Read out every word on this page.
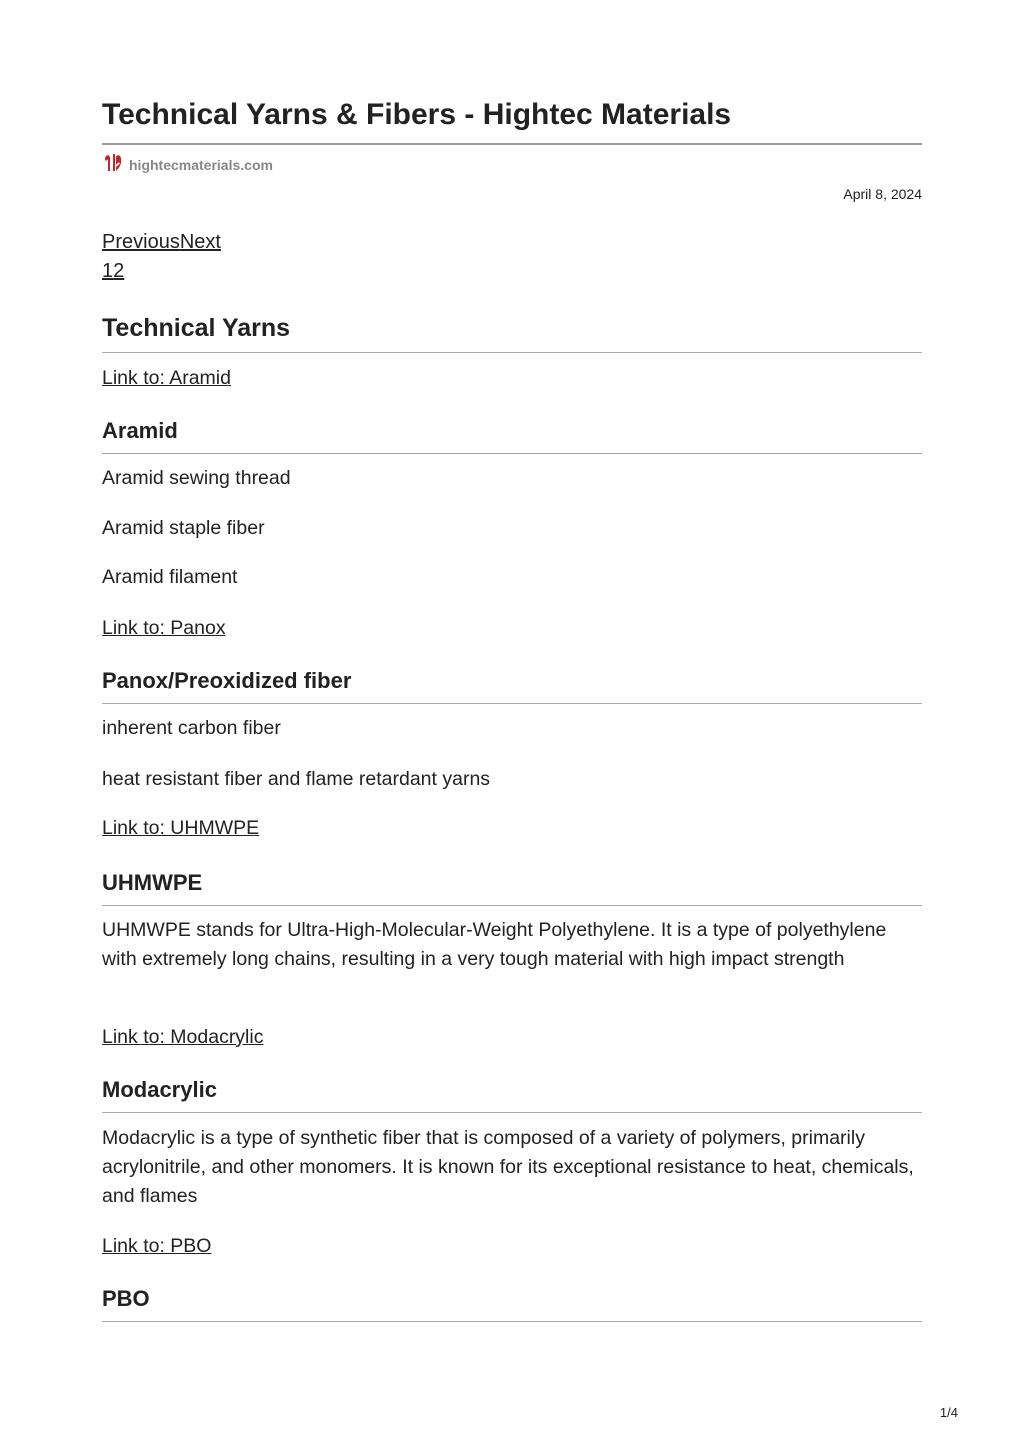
Technical Yarns & Fibers - Hightec Materials
hightecmaterials.com
April 8, 2024
PreviousNext
12
Technical Yarns

Link to: Aramid

Aramid

Aramid sewing thread

Aramid staple fiber

Aramid filament

Link to: Panox

Panox/Preoxidized fiber

inherent carbon fiber

heat resistant fiber and flame retardant yarns

Link to: UHMWPE

UHMWPE

UHMWPE stands for Ultra-High-Molecular-Weight Polyethylene. It is a type of polyethylene with extremely long chains, resulting in a very tough material with high impact strength

Link to: Modacrylic

Modacrylic

Modacrylic is a type of synthetic fiber that is composed of a variety of polymers, primarily acrylonitrile, and other monomers. It is known for its exceptional resistance to heat, chemicals, and flames

Link to: PBO

PBO
1/4
